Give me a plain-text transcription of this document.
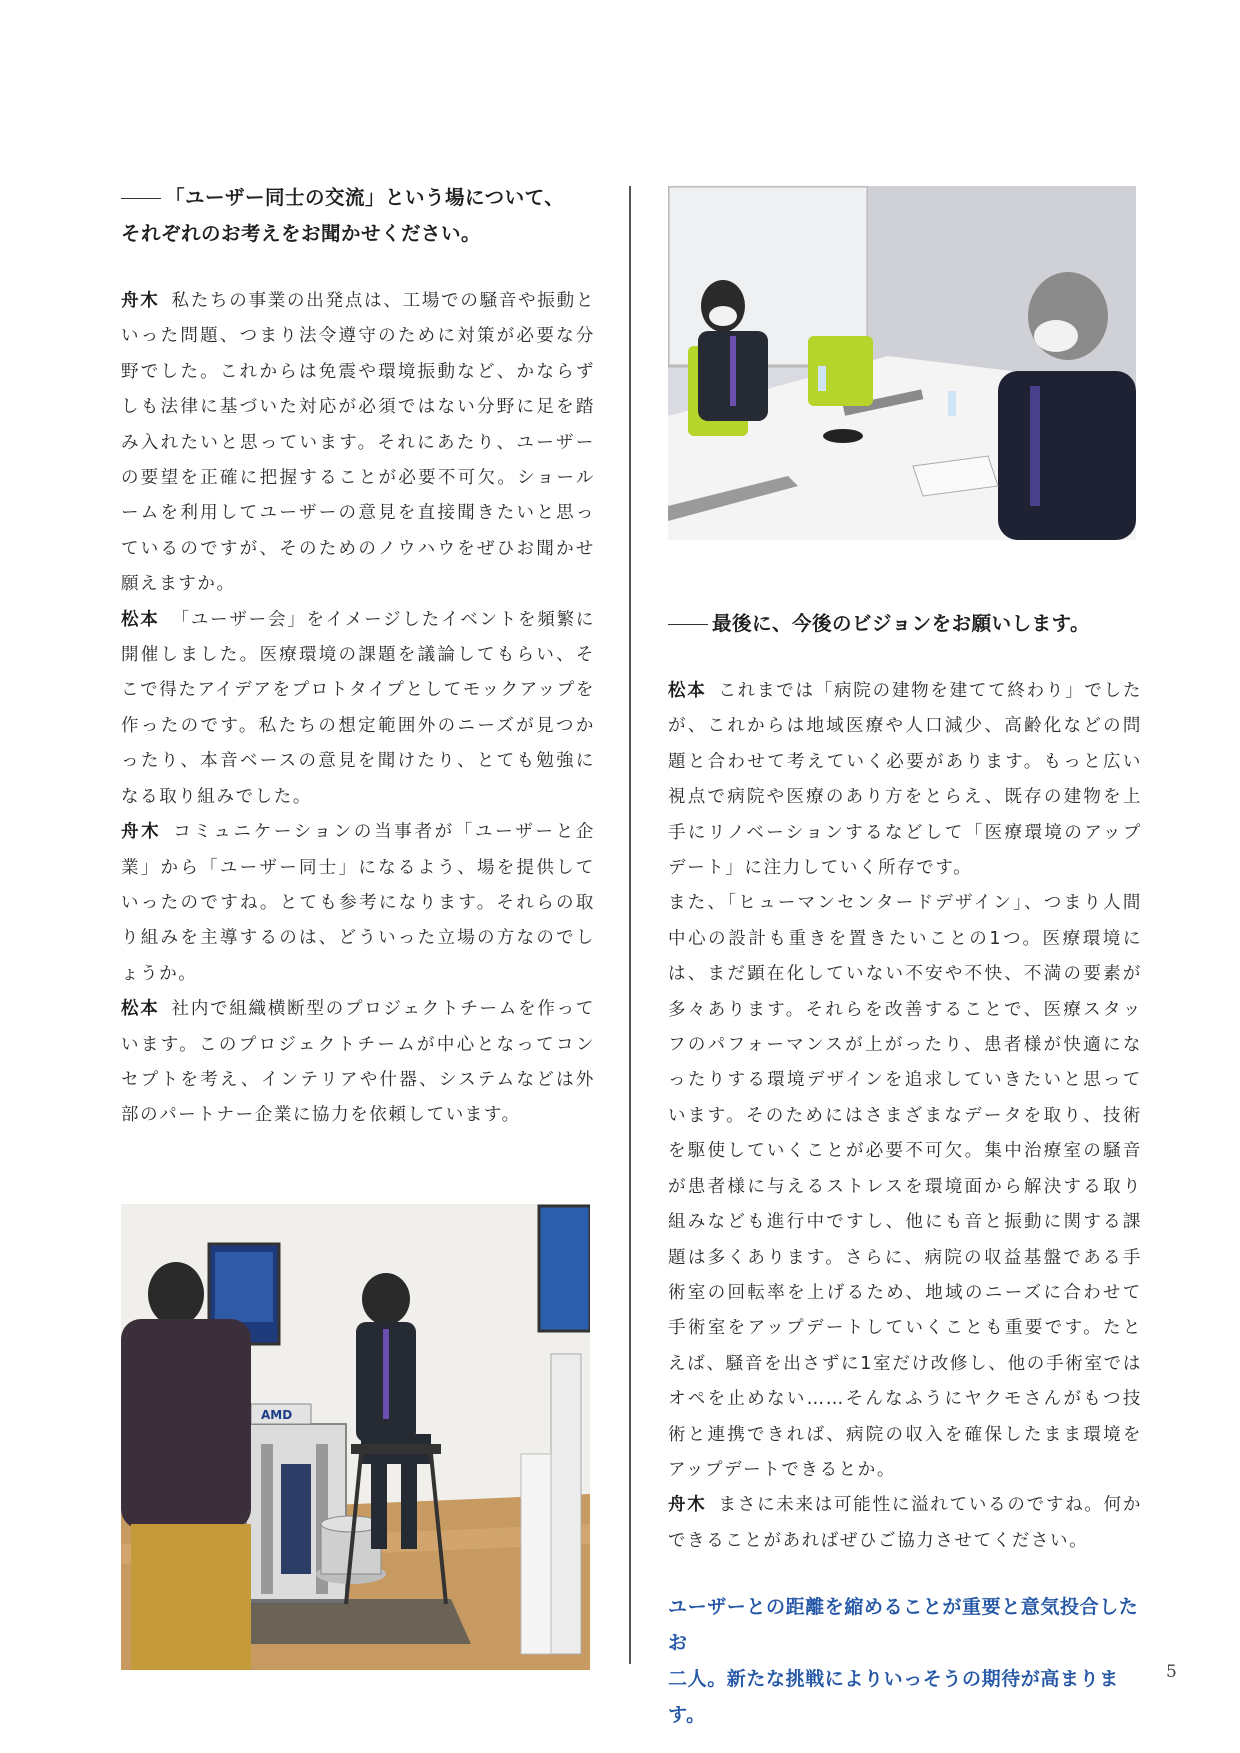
「ユーザー同士の交流」という場について、
それぞれのお考えをお聞かせください。

舟木 私たちの事業の出発点は、工場での騒音や振動といった問題、つまり法令遵守のために対策が必要な分野でした。これからは免震や環境振動など、かならずしも法律に基づいた対応が必須ではない分野に足を踏み入れたいと思っています。それにあたり、ユーザーの要望を正確に把握することが必要不可欠。ショールームを利用してユーザーの意見を直接聞きたいと思っているのですが、そのためのノウハウをぜひお聞かせ願えますか。

松本 「ユーザー会」をイメージしたイベントを頻繁に開催しました。医療環境の課題を議論してもらい、そこで得たアイデアをプロトタイプとしてモックアップを作ったのです。私たちの想定範囲外のニーズが見つかったり、本音ベースの意見を聞けたり、とても勉強になる取り組みでした。

舟木 コミュニケーションの当事者が「ユーザーと企業」から「ユーザー同士」になるよう、場を提供していったのですね。とても参考になります。それらの取り組みを主導するのは、どういった立場の方なのでしょうか。

松本 社内で組織横断型のプロジェクトチームを作っています。このプロジェクトチームが中心となってコンセプトを考え、インテリアや什器、システムなどは外部のパートナー企業に協力を依頼しています。

AMD

最後に、今後のビジョンをお願いします。

松本 これまでは「病院の建物を建てて終わり」でしたが、これからは地域医療や人口減少、高齢化などの問題と合わせて考えていく必要があります。もっと広い視点で病院や医療のあり方をとらえ、既存の建物を上手にリノベーションするなどして「医療環境のアップデート」に注力していく所存です。

また、「ヒューマンセンタードデザイン」、つまり人間中心の設計も重きを置きたいことの1つ。医療環境には、まだ顕在化していない不安や不快、不満の要素が多々あります。それらを改善することで、医療スタッフのパフォーマンスが上がったり、患者様が快適になったりする環境デザインを追求していきたいと思っています。そのためにはさまざまなデータを取り、技術を駆使していくことが必要不可欠。集中治療室の騒音が患者様に与えるストレスを環境面から解決する取り組みなども進行中ですし、他にも音と振動に関する課題は多くあります。さらに、病院の収益基盤である手術室の回転率を上げるため、地域のニーズに合わせて手術室をアップデートしていくことも重要です。たとえば、騒音を出さずに1室だけ改修し、他の手術室ではオペを止めない……そんなふうにヤクモさんがもつ技術と連携できれば、病院の収入を確保したまま環境をアップデートできるとか。

舟木 まさに未来は可能性に溢れているのですね。何かできることがあればぜひご協力させてください。

ユーザーとの距離を縮めることが重要と意気投合したお
二人。新たな挑戦によりいっそうの期待が高まります。

5
